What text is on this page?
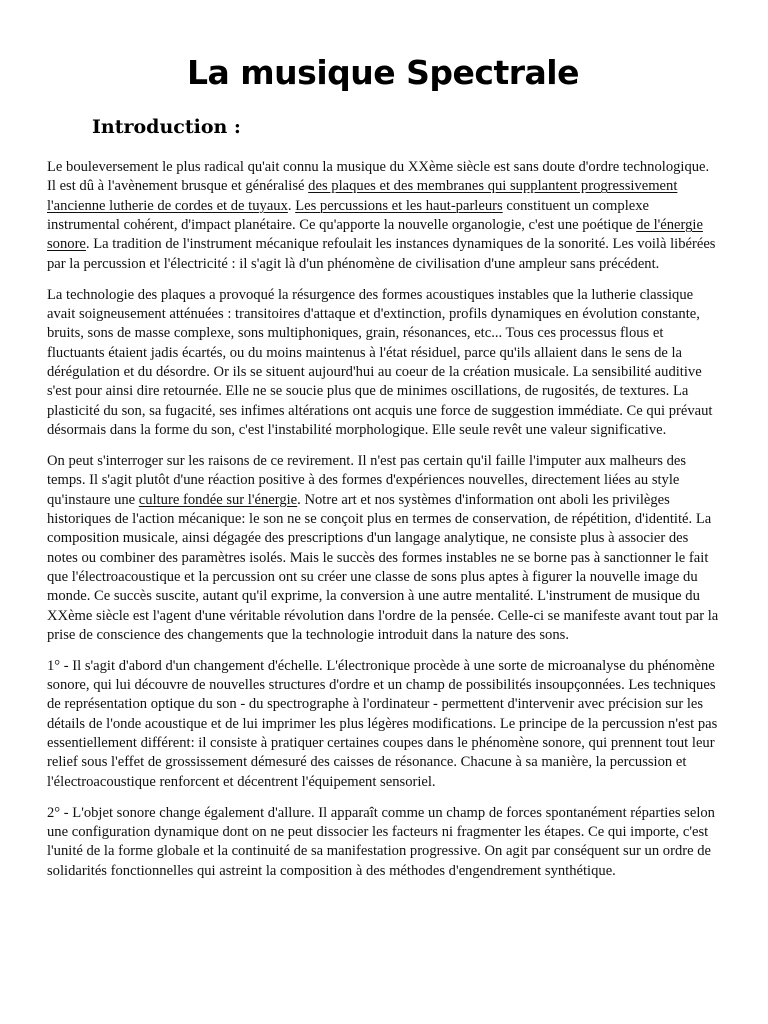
La musique Spectrale
Introduction :

Le bouleversement le plus radical qu'ait connu la musique du XXème siècle est sans doute d'ordre technologique. Il est dû à l'avènement brusque et généralisé des plaques et des membranes qui supplantent progressivement l'ancienne lutherie de cordes et de tuyaux. Les percussions et les haut-parleurs constituent un complexe instrumental cohérent, d'impact planétaire. Ce qu'apporte la nouvelle organologie, c'est une poétique de l'énergie sonore. La tradition de l'instrument mécanique refoulait les instances dynamiques de la sonorité. Les voilà libérées par la percussion et l'électricité : il s'agit là d'un phénomène de civilisation d'une ampleur sans précédent.

La technologie des plaques a provoqué la résurgence des formes acoustiques instables que la lutherie classique avait soigneusement atténuées : transitoires d'attaque et d'extinction, profils dynamiques en évolution constante, bruits, sons de masse complexe, sons multiphoniques, grain, résonances, etc... Tous ces processus flous et fluctuants étaient jadis écartés, ou du moins maintenus à l'état résiduel, parce qu'ils allaient dans le sens de la dérégulation et du désordre. Or ils se situent aujourd'hui au coeur de la création musicale. La sensibilité auditive s'est pour ainsi dire retournée. Elle ne se soucie plus que de minimes oscillations, de rugosités, de textures. La plasticité du son, sa fugacité, ses infimes altérations ont acquis une force de suggestion immédiate. Ce qui prévaut désormais dans la forme du son, c'est l'instabilité morphologique. Elle seule revêt une valeur significative.

On peut s'interroger sur les raisons de ce revirement. Il n'est pas certain qu'il faille l'imputer aux malheurs des temps. Il s'agit plutôt d'une réaction positive à des formes d'expériences nouvelles, directement liées au style qu'instaure une culture fondée sur l'énergie. Notre art et nos systèmes d'information ont aboli les privilèges historiques de l'action mécanique: le son ne se conçoit plus en termes de conservation, de répétition, d'identité. La composition musicale, ainsi dégagée des prescriptions d'un langage analytique, ne consiste plus à associer des notes ou combiner des paramètres isolés. Mais le succès des formes instables ne se borne pas à sanctionner le fait que l'électroacoustique et la percussion ont su créer une classe de sons plus aptes à figurer la nouvelle image du monde. Ce succès suscite, autant qu'il exprime, la conversion à une autre mentalité. L'instrument de musique du XXème siècle est l'agent d'une véritable révolution dans l'ordre de la pensée. Celle-ci se manifeste avant tout par la prise de conscience des changements que la technologie introduit dans la nature des sons.

1° - Il s'agit d'abord d'un changement d'échelle. L'électronique procède à une sorte de microanalyse du phénomène sonore, qui lui découvre de nouvelles structures d'ordre et un champ de possibilités insoupçonnées. Les techniques de représentation optique du son - du spectrographe à l'ordinateur - permettent d'intervenir avec précision sur les détails de l'onde acoustique et de lui imprimer les plus légères modifications. Le principe de la percussion n'est pas essentiellement différent: il consiste à pratiquer certaines coupes dans le phénomène sonore, qui prennent tout leur relief sous l'effet de grossissement démesuré des caisses de résonance. Chacune à sa manière, la percussion et l'électroacoustique renforcent et décentrent l'équipement sensoriel.

2° - L'objet sonore change également d'allure. Il apparaît comme un champ de forces spontanément réparties selon une configuration dynamique dont on ne peut dissocier les facteurs ni fragmenter les étapes. Ce qui importe, c'est l'unité de la forme globale et la continuité de sa manifestation progressive. On agit par conséquent sur un ordre de solidarités fonctionnelles qui astreint la composition à des méthodes d'engendrement synthétique.
